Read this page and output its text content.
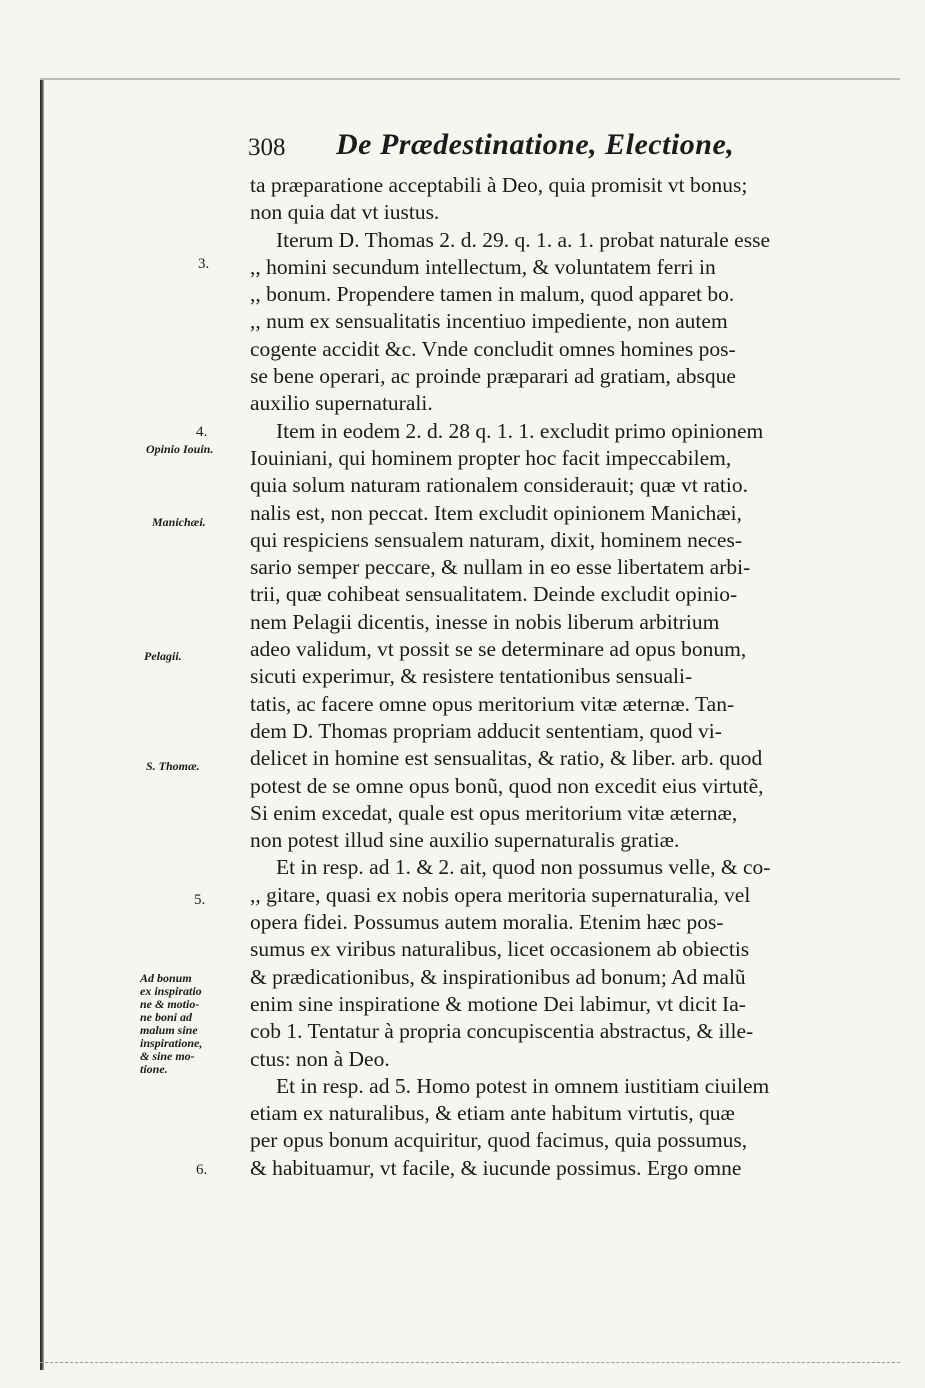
308 De Prædestinatione, Electione,
3.
4.
Opinio Iouin.
Manichæi.
Pelagii.
S. Thomæ.
5.
Ad bonum
ex inspiratio
ne & motio-
ne boni ad
malum sine
inspiratione,
& sine mo-
tione.
6.
ta præparatione acceptabili à Deo, quia promisit vt bonus;
non quia dat vt iustus.
Iterum D. Thomas 2. d. 29. q. 1. a. 1. probat naturale esse
,, homini secundum intellectum, & voluntatem ferri in
,, bonum. Propendere tamen in malum, quod apparet bo.
,, num ex sensualitatis incentiuo impediente, non autem
cogente accidit &c. Vnde concludit omnes homines pos-
se bene operari, ac proinde præparari ad gratiam, absque
auxilio supernaturali.
Item in eodem 2. d. 28 q. 1. 1. excludit primo opinionem
Iouiniani, qui hominem propter hoc facit impeccabilem,
quia solum naturam rationalem considerauit; quæ vt ratio.
nalis est, non peccat. Item excludit opinionem Manichæi,
qui respiciens sensualem naturam, dixit, hominem neces-
sario semper peccare, & nullam in eo esse libertatem arbi-
trii, quæ cohibeat sensualitatem. Deinde excludit opinio-
nem Pelagii dicentis, inesse in nobis liberum arbitrium
adeo validum, vt possit se se determinare ad opus bonum,
sicuti experimur, & resistere tentationibus sensuali-
tatis, ac facere omne opus meritorium vitæ æternæ. Tan-
dem D. Thomas propriam adducit sententiam, quod vi-
delicet in homine est sensualitas, & ratio, & liber. arb. quod
potest de se omne opus bonũ, quod non excedit eius virtutẽ,
Si enim excedat, quale est opus meritorium vitæ æternæ,
non potest illud sine auxilio supernaturalis gratiæ.
Et in resp. ad 1. & 2. ait, quod non possumus velle, & co-
,, gitare, quasi ex nobis opera meritoria supernaturalia, vel
opera fidei. Possumus autem moralia. Etenim hæc pos-
sumus ex viribus naturalibus, licet occasionem ab obiectis
& prædicationibus, & inspirationibus ad bonum; Ad malũ
enim sine inspiratione & motione Dei labimur, vt dicit Ia-
cob 1. Tentatur à propria concupiscentia abstractus, & ille-
ctus: non à Deo.
Et in resp. ad 5. Homo potest in omnem iustitiam ciuilem
etiam ex naturalibus, & etiam ante habitum virtutis, quæ
per opus bonum acquiritur, quod facimus, quia possumus,
& habituamur, vt facile, & iucunde possimus. Ergo omne
